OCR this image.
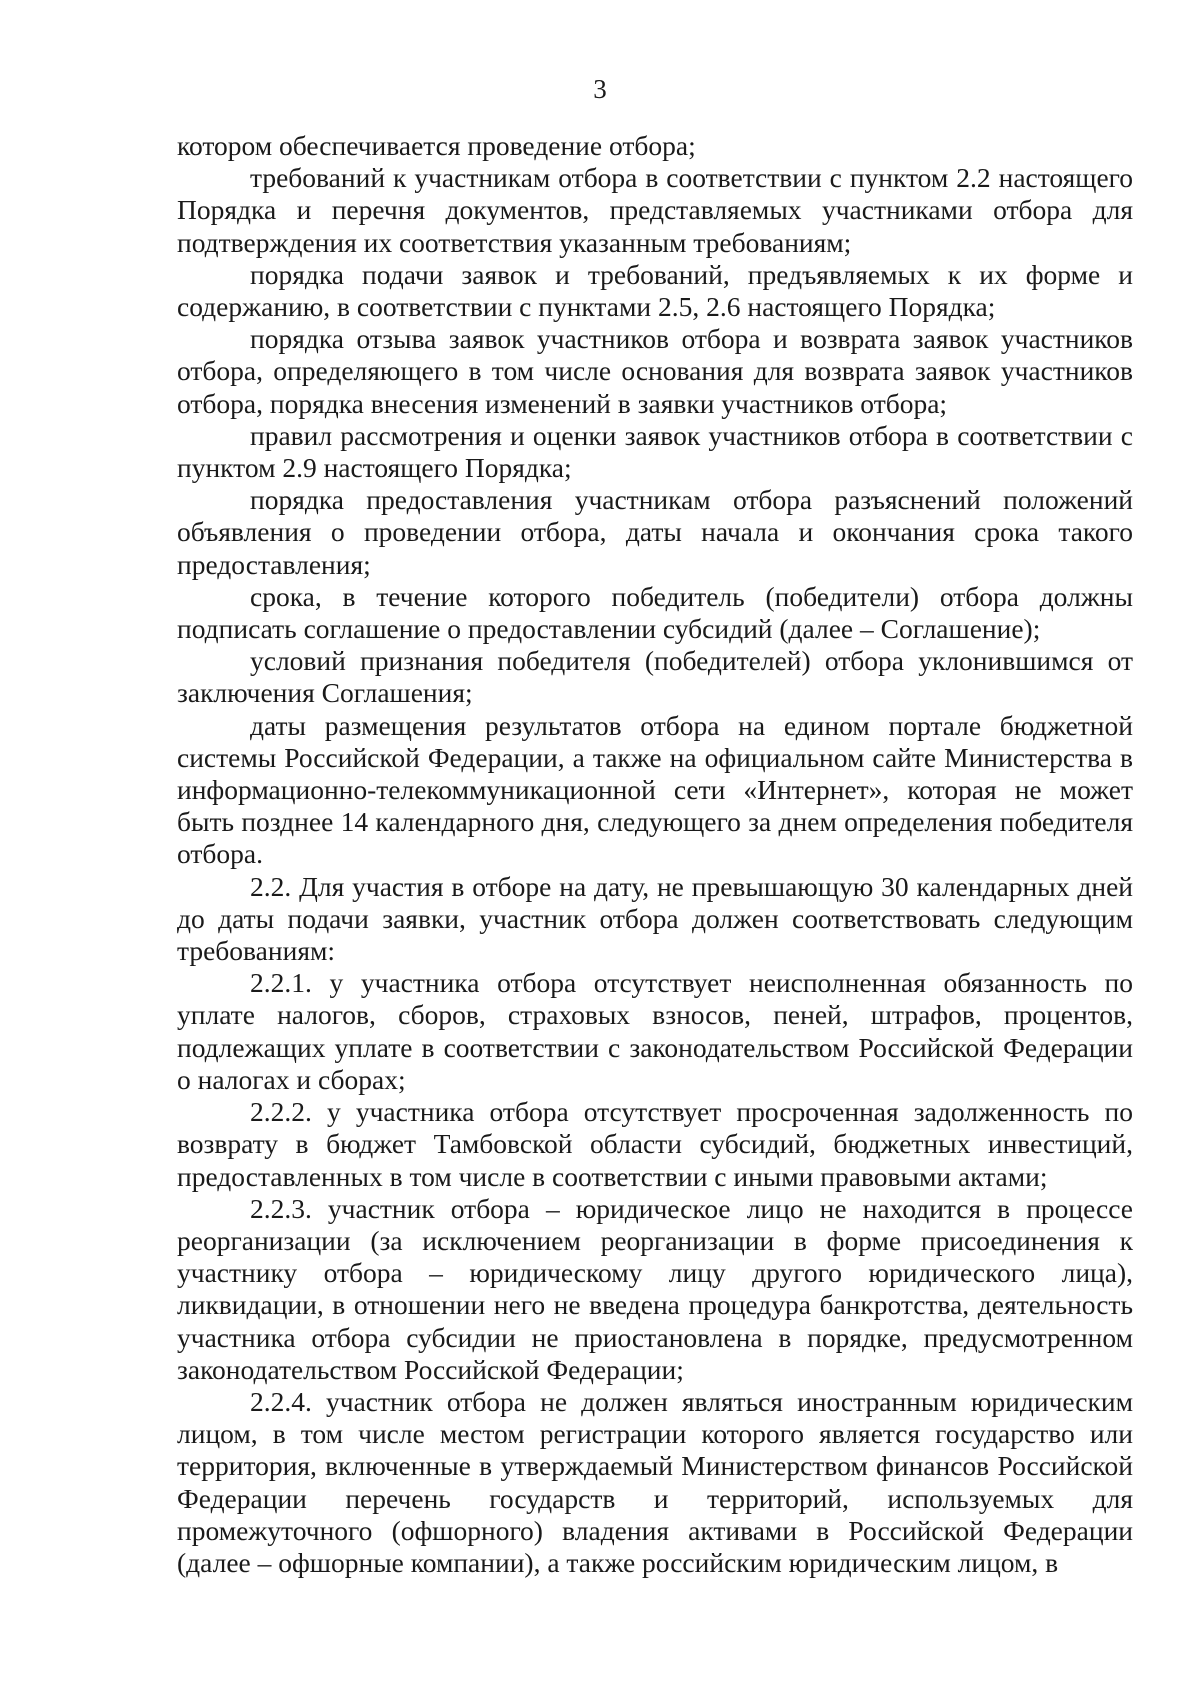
3

котором обеспечивается проведение отбора;

требований к участникам отбора в соответствии с пунктом 2.2 настоящего Порядка и перечня документов, представляемых участниками отбора для подтверждения их соответствия указанным требованиям;

порядка подачи заявок и требований, предъявляемых к их форме и содержанию, в соответствии с пунктами 2.5, 2.6 настоящего Порядка;

порядка отзыва заявок участников отбора и возврата заявок участников отбора, определяющего в том числе основания для возврата заявок участников отбора, порядка внесения изменений в заявки участников отбора;

правил рассмотрения и оценки заявок участников отбора в соответствии с пунктом 2.9 настоящего Порядка;

порядка предоставления участникам отбора разъяснений положений объявления о проведении отбора, даты начала и окончания срока такого предоставления;

срока, в течение которого победитель (победители) отбора должны подписать соглашение о предоставлении субсидий (далее – Соглашение);

условий признания победителя (победителей) отбора уклонившимся от заключения Соглашения;

даты размещения результатов отбора на едином портале бюджетной системы Российской Федерации, а также на официальном сайте Министерства в информационно-телекоммуникационной сети «Интернет», которая не может быть позднее 14 календарного дня, следующего за днем определения победителя отбора.

2.2. Для участия в отборе на дату, не превышающую 30 календарных дней до даты подачи заявки, участник отбора должен соответствовать следующим требованиям:

2.2.1. у участника отбора отсутствует неисполненная обязанность по уплате налогов, сборов, страховых взносов, пеней, штрафов, процентов, подлежащих уплате в соответствии с законодательством Российской Федерации о налогах и сборах;

2.2.2. у участника отбора отсутствует просроченная задолженность по возврату в бюджет Тамбовской области субсидий, бюджетных инвестиций, предоставленных в том числе в соответствии с иными правовыми актами;

2.2.3. участник отбора – юридическое лицо не находится в процессе реорганизации (за исключением реорганизации в форме присоединения к участнику отбора – юридическому лицу другого юридического лица), ликвидации, в отношении него не введена процедура банкротства, деятельность участника отбора субсидии не приостановлена в порядке, предусмотренном законодательством Российской Федерации;

2.2.4. участник отбора не должен являться иностранным юридическим лицом, в том числе местом регистрации которого является государство или территория, включенные в утверждаемый Министерством финансов Российской Федерации перечень государств и территорий, используемых для промежуточного (офшорного) владения активами в Российской Федерации (далее – офшорные компании), а также российским юридическим лицом, в
